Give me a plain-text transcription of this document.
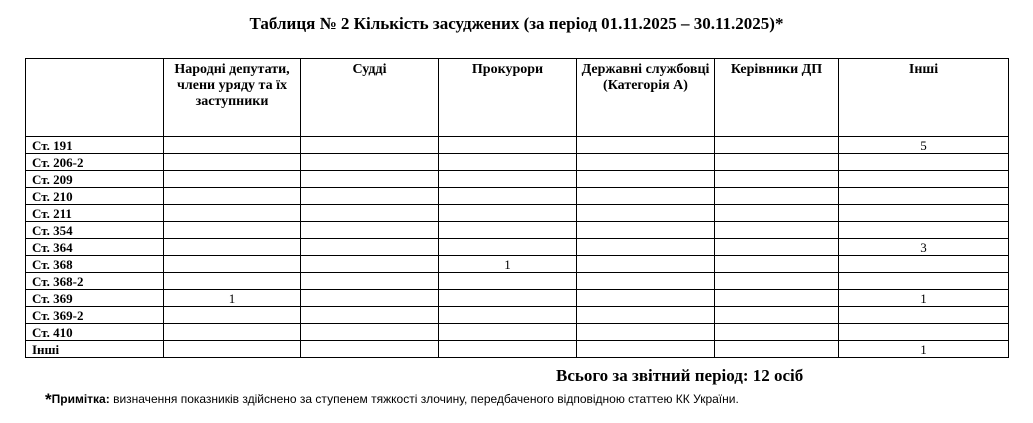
Таблиця № 2 Кількість засуджених (за період 01.11.2025 – 30.11.2025)*
	Народні депутати, члени уряду та їх заступники	Судді	Прокурори	Державні службовці (Категорія А)	Керівники ДП	Інші
Ст. 191						5
Ст. 206-2						
Ст. 209						
Ст. 210						
Ст. 211						
Ст. 354						
Ст. 364						3
Ст. 368			1			
Ст. 368-2						
Ст. 369	1					1
Ст. 369-2						
Ст. 410						
Інші						1
Всього за звітний період: 12 осіб
*Примітка: визначення показників здійснено за ступенем тяжкості злочину, передбаченого відповідною статтею КК України.
